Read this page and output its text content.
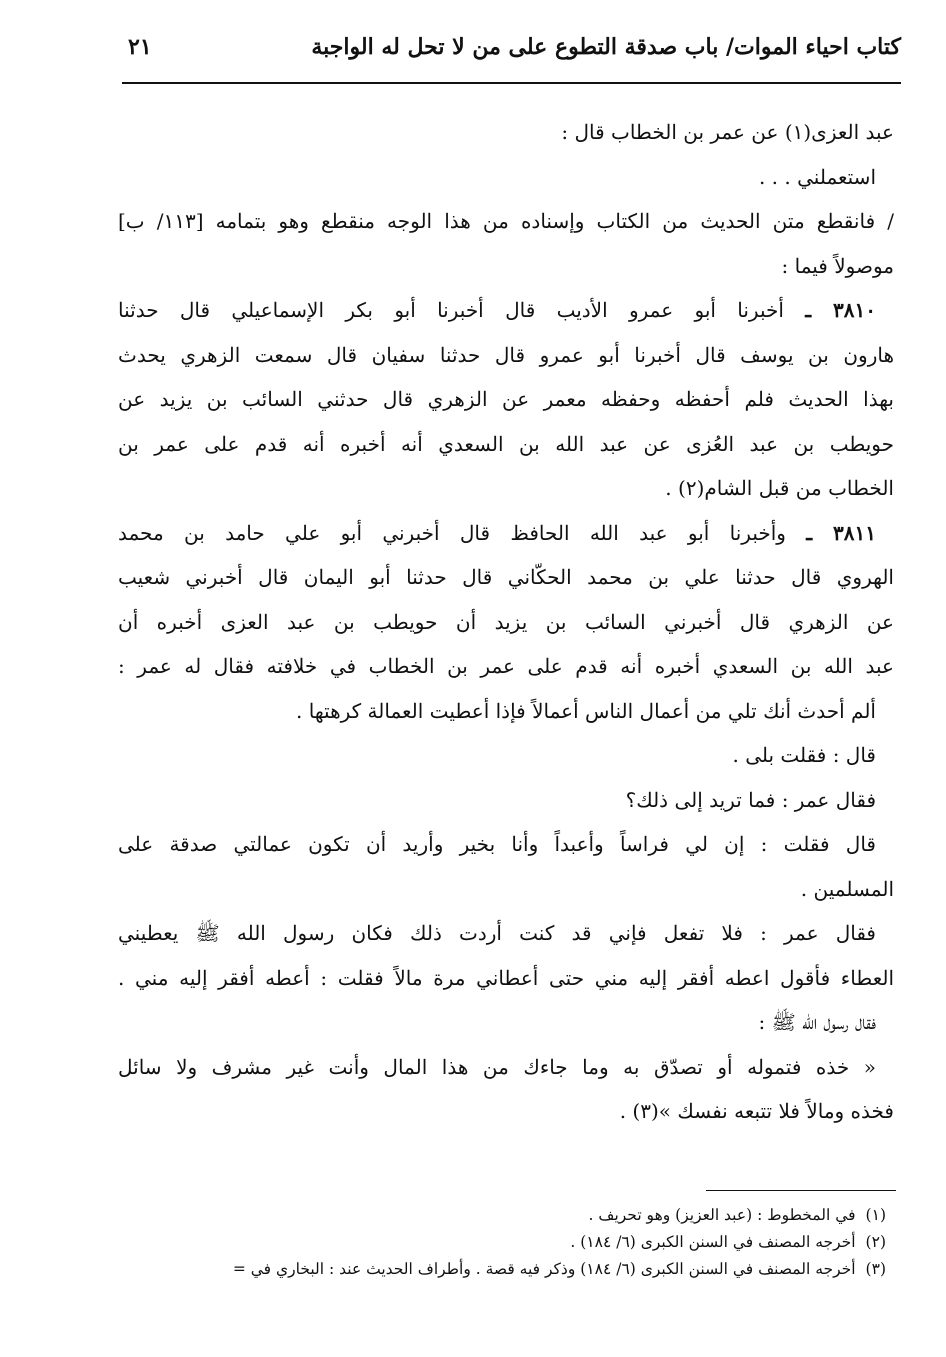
كتاب احياء الموات/ باب صدقة التطوع على من لا تحل له الواجبة
٢١
عبد العزى(١) عن عمر بن الخطاب قال :
استعملني . . .
/ فانقطع متن الحديث من الكتاب وإسناده من هذا الوجه منقطع وهو بتمامه [١١٣/ ب]
موصولاً فيما :
٣٨١٠ ـ أخبرنا أبو عمرو الأديب قال أخبرنا أبو بكر الإسماعيلي قال حدثنا
هارون بن يوسف قال أخبرنا أبو عمرو قال حدثنا سفيان قال سمعت الزهري يحدث
بهذا الحديث فلم أحفظه وحفظه معمر عن الزهري قال حدثني السائب بن يزيد عن
حويطب بن عبد العُزى عن عبد الله بن السعدي أنه أخبره أنه قدم على عمر بن
الخطاب من قبل الشام(٢) .
٣٨١١ ـ وأخبرنا أبو عبد الله الحافظ قال أخبرني أبو علي حامد بن محمد
الهروي قال حدثنا علي بن محمد الحكّاني قال حدثنا أبو اليمان قال أخبرني شعيب
عن الزهري قال أخبرني السائب بن يزيد أن حويطب بن عبد العزى أخبره أن
عبد الله بن السعدي أخبره أنه قدم على عمر بن الخطاب في خلافته فقال له عمر :
ألم أحدث أنك تلي من أعمال الناس أعمالاً فإذا أعطيت العمالة كرهتها .
قال : فقلت بلى .
فقال عمر : فما تريد إلى ذلك؟
قال فقلت : إن لي فراساً وأعبداً وأنا بخير وأريد أن تكون عمالتي صدقة على
المسلمين .
فقال عمر : فلا تفعل فإني قد كنت أردت ذلك فكان رسول الله ﷺ يعطيني
العطاء فأقول اعطه أفقر إليه مني حتى أعطاني مرة مالاً فقلت : أعطه أفقر إليه مني .
فقال رسول الله ﷺ :
« خذه فتموله أو تصدّق به وما جاءك من هذا المال وأنت غير مشرف ولا سائل
فخذه ومالاً فلا تتبعه نفسك »(٣) .
(١)في المخطوط : (عبد العزيز) وهو تحريف .
(٢)أخرجه المصنف في السنن الكبرى (٦/ ١٨٤) .
(٣)أخرجه المصنف في السنن الكبرى (٦/ ١٨٤) وذكر فيه قصة . وأطراف الحديث عند : البخاري في =
